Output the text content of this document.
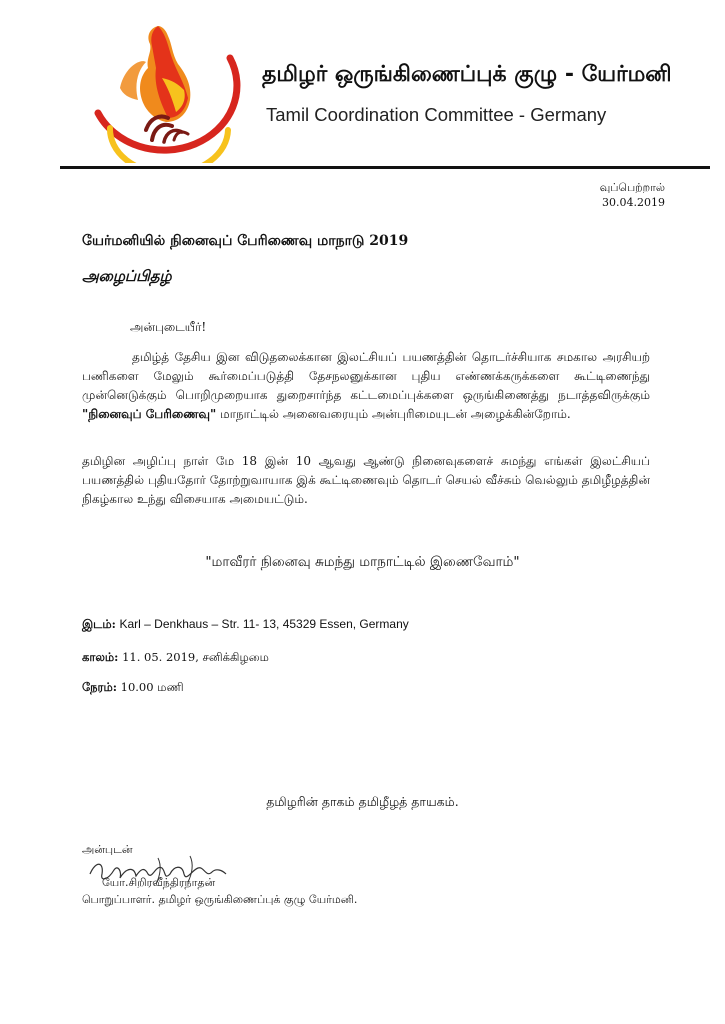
தமிழர் ஒருங்கிணைப்புக் குழு - யேர்மனி
Tamil Coordination Committee - Germany
வுப்பெற்றால்
30.04.2019
யேர்மனியில் நினைவுப் பேரிணைவு மாநாடு 2019
அழைப்பிதழ்
அன்புடையீர்!
தமிழ்த் தேசிய இன விடுதலைக்கான இலட்சியப் பயணத்தின் தொடர்ச்சியாக சமகால அரசியற் பணிகளை மேலும் கூர்மைப்படுத்தி தேசநலனுக்கான புதிய எண்ணக்கருக்களை கூட்டிணைந்து முன்னெடுக்கும் பொறிமுறையாக துறைசார்ந்த கட்டமைப்புக்களை ஒருங்கிணைத்து நடாத்தவிருக்கும் "நினைவுப் பேரிணைவு" மாநாட்டில் அனைவரையும் அன்புரிமையுடன் அழைக்கின்றோம்.
தமிழின அழிப்பு நாள் மே 18 இன் 10 ஆவது ஆண்டு நினைவுகளைச் சுமந்து எங்கள் இலட்சியப் பயணத்தில் புதியதோர் தோற்றுவாயாக இக் கூட்டிணைவும் தொடர் செயல் வீச்சும் வெல்லும் தமிழீழத்தின் நிகழ்கால உந்து விசையாக அமையட்டும்.
"மாவீரர் நினைவு சுமந்து மாநாட்டில் இணைவோம்"
இடம்: Karl – Denkhaus – Str. 11- 13, 45329 Essen, Germany
காலம்: 11. 05. 2019, சனிக்கிழமை
நேரம்: 10.00 மணி
தமிழரின் தாகம் தமிழீழத் தாயகம்.
அன்புடன்
யோ.சிறிரவீந்திரநாதன்
பொறுப்பாளர். தமிழர் ஒருங்கிணைப்புக் குழு யேர்மனி.
